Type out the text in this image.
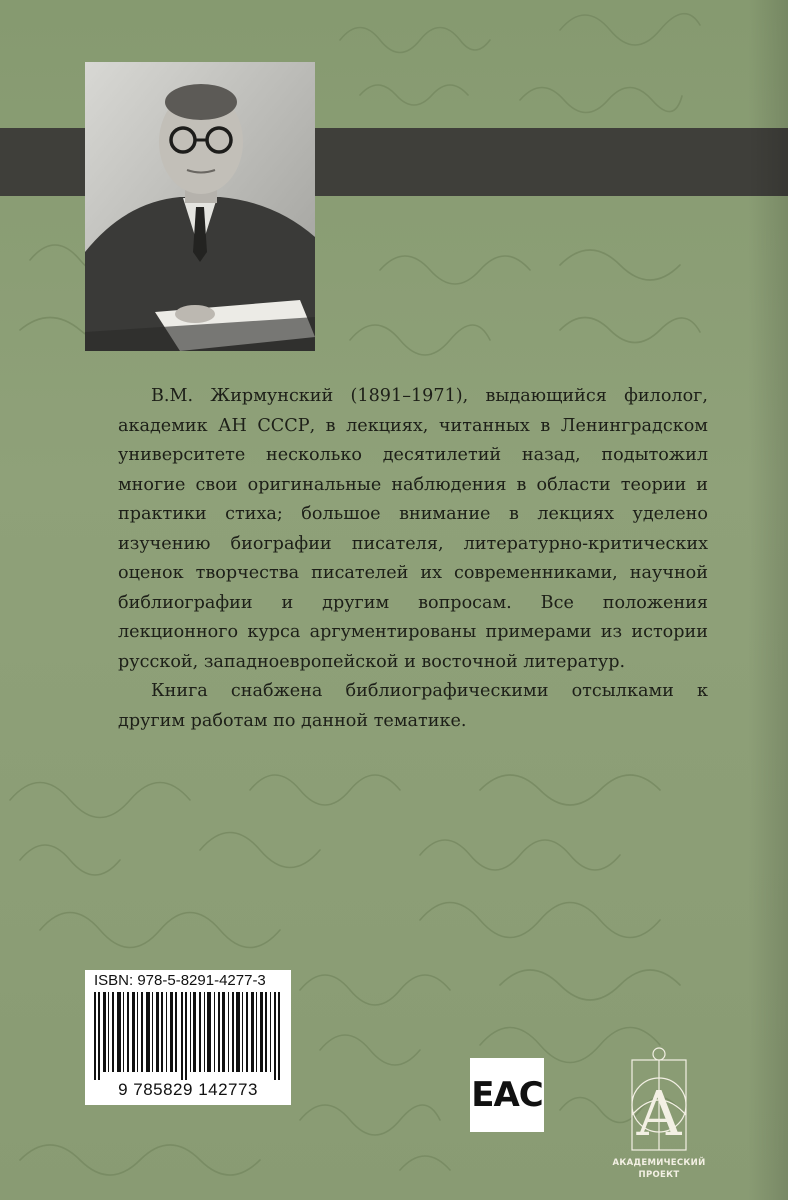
В.М. Жирмунский (1891–1971), выдающийся филолог, академик АН СССР, в лекциях, читанных в Ленинградском университете несколько десятилетий назад, подытожил многие свои оригинальные наблюдения в области теории и практики стиха; большое внимание в лекциях уделено изучению биографии писателя, литературно-критических оценок творчества писателей их современниками, научной библиографии и другим вопросам. Все положения лекционного курса аргументированы примерами из истории русской, западноевропейской и восточной литератур.

Книга снабжена библиографическими отсылками к другим работам по данной тематике.

ISBN: 978-5-8291-4277-3
9 785829 142773	EAC A
АКАДЕМИЧЕСКИЙ
ПРОЕКТ
